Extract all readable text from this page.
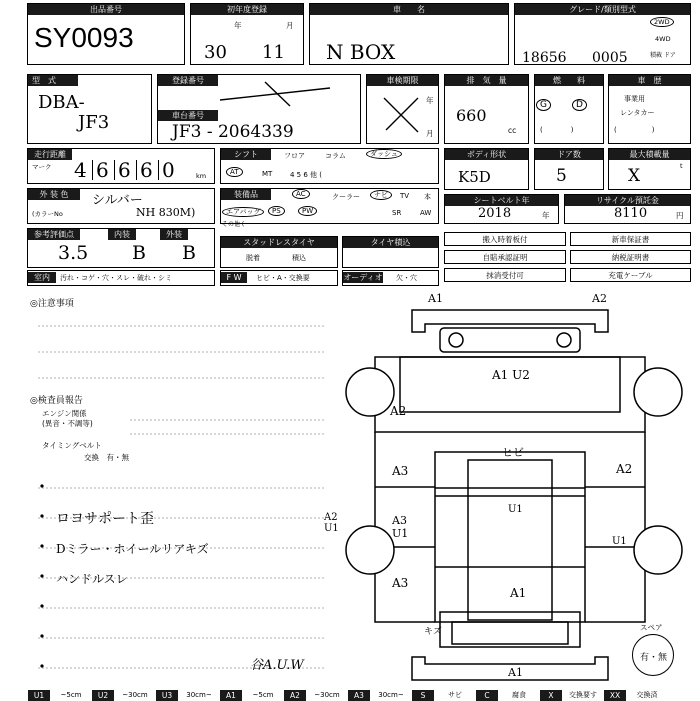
出品番号
SY0093
初年度登録
年	月
30 11
車　　名
N BOX
グレード/類別型式
18656 0005
2WD
4WD
積載 ドア
型　式
DBA-
JF3
登録番号
車台番号
JF3 - 2064339
車検期限
年
月
排　気　量
660
cc
燃　　料
G	D
(　　　　)
車　歴
事業用
レンタカー
(　　　　　)
走行距離
マーク 4 6 6 6 0	km
シフト	フロア	コラム	ダッシュ
AT	MT	4 5 6 他 (
ボディ形状
K5D
ドア数
5
最大積載量
t
X
外 装 色	シルバー
(カラーNo	NH 830M)
装備品	AC	クーラー	ナビ	TV 本
エアバッグ	PS	PW	SR	AW
その他 (
シートベルト年
2018	年
リサイクル預託金
8110	円
参考評価点	内装	外装
3.5 B B	スタッドレスタイヤ
脱着	積込
タイヤ積込	搬入時着板付	新車保証書
自賠承認証明	納税証明書
抹消受付可	充電ケーブル
室内	汚れ・コゲ・穴・スレ・破れ・シミ	F W	ヒビ・A・交換要	オーディオ 欠・穴
◎注意事項
◎検査員報告
エンジン関係
(異音・不調等)
タイミングベルト
交換　有・無
ロヨサポート歪
Dミラー・ホイールリアキズ
ハンドルスレ
谷A.U.W
A1	A2
A1 U2
ヒビ
U1
A2
A3
A3 U1
A2 U1
A3
A2
U1
A1
キズ
A1
スペア
有・無
U1	~5cm	U2	~30cm	U3	30cm~	A1	~5cm	A2	~30cm	A3	30cm~	S	サビ	C	腐食	X	交換要す	XX	交換済
